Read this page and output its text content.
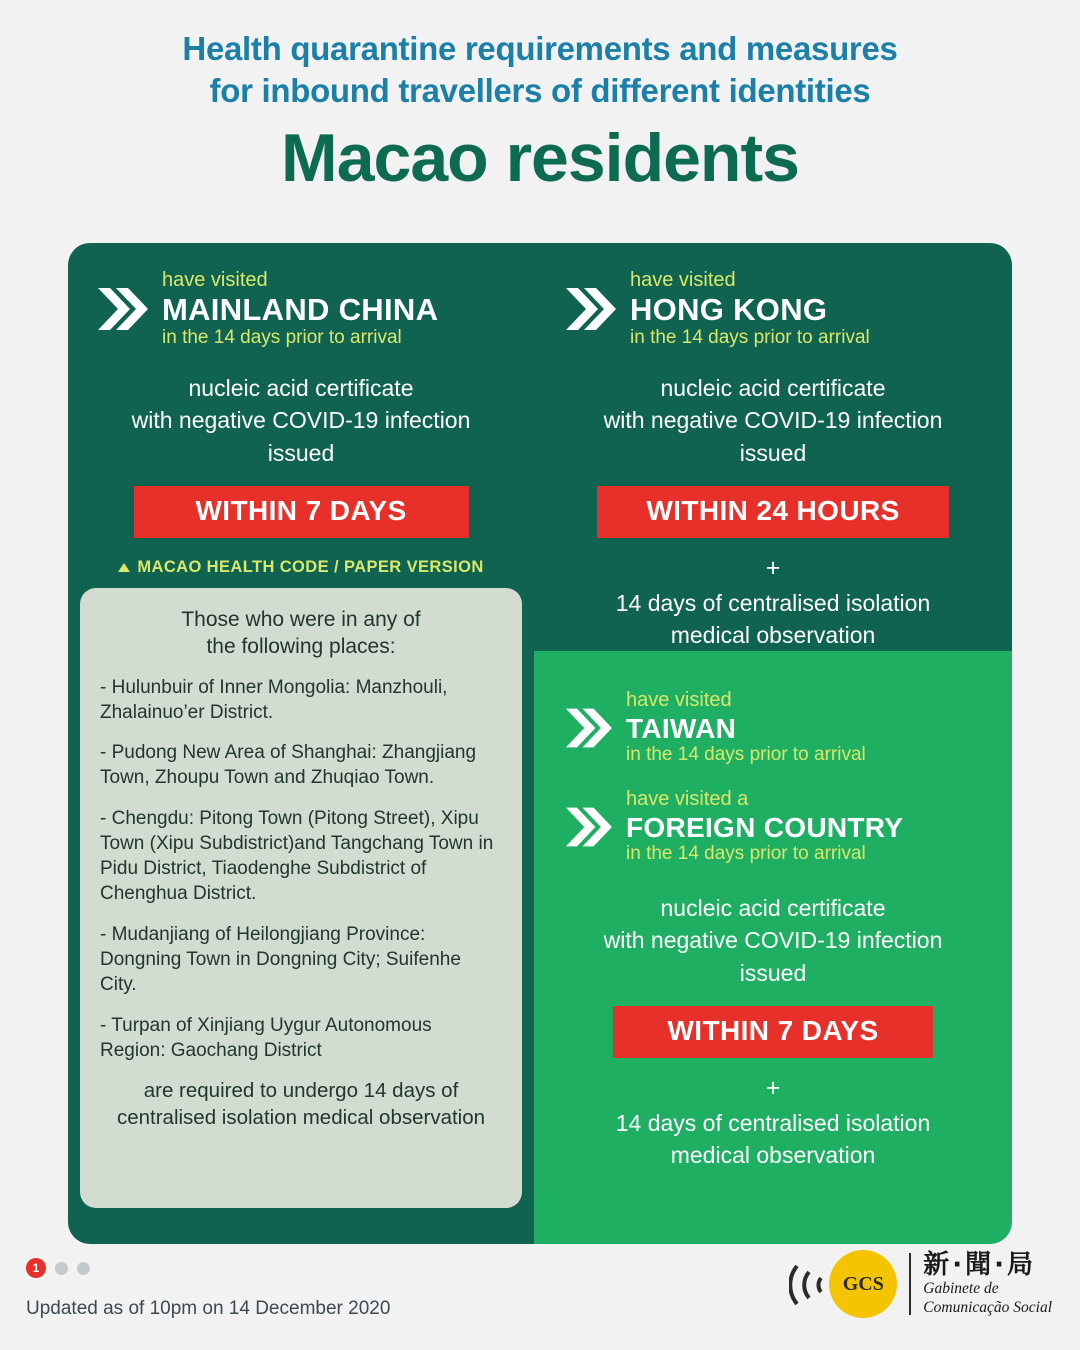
Health quarantine requirements and measures
for inbound travellers of different identities
Macao residents
have visited
MAINLAND CHINA
in the 14 days prior to arrival
nucleic acid certificate
with negative COVID-19 infection
issued
WITHIN 7 DAYS
MACAO HEALTH CODE / PAPER VERSION
Those who were in any of
the following places:
- Hulunbuir of Inner Mongolia: Manzhouli, Zhalainuo’er District.
- Pudong New Area of Shanghai: Zhangjiang Town, Zhoupu Town and Zhuqiao Town.
- Chengdu: Pitong Town (Pitong Street), Xipu Town (Xipu Subdistrict)and Tangchang Town in Pidu District, Tiaodenghe Subdistrict of Chenghua District.
- Mudanjiang of Heilongjiang Province: Dongning Town in Dongning City; Suifenhe City.
- Turpan of Xinjiang Uygur Autonomous Region: Gaochang District
are required to undergo 14 days of
centralised isolation medical observation
have visited
HONG KONG
in the 14 days prior to arrival
nucleic acid certificate
with negative COVID-19 infection
issued
WITHIN 24 HOURS
+
14 days of centralised isolation
medical observation
have visited
TAIWAN
in the 14 days prior to arrival
have visited a
FOREIGN COUNTRY
in the 14 days prior to arrival
nucleic acid certificate
with negative COVID-19 infection
issued
WITHIN 7 DAYS
+
14 days of centralised isolation
medical observation
1
Updated as of 10pm on 14 December 2020
GCS
新·聞·局
Gabinete de
Comunicação Social
